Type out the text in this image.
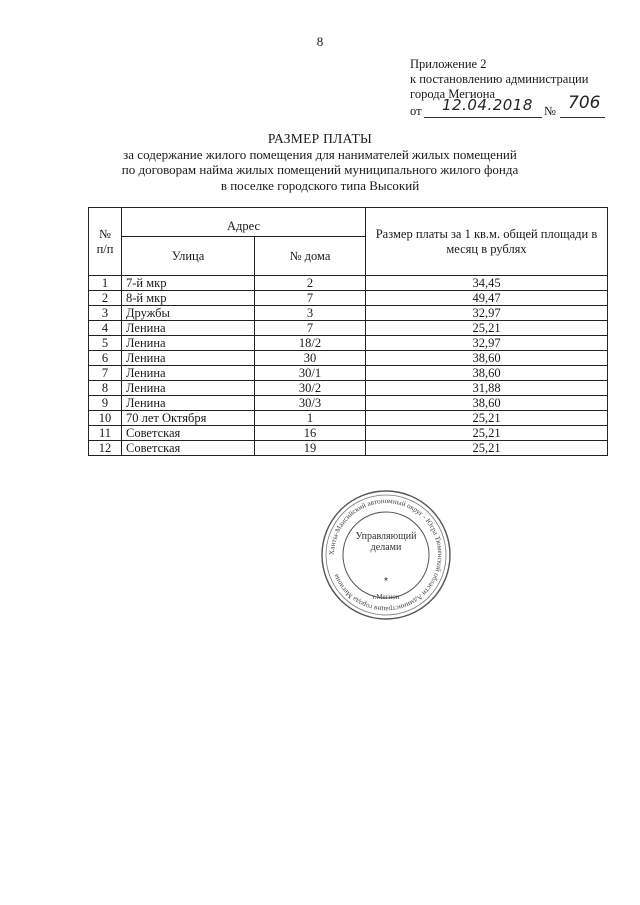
8
Приложение 2
к постановлению администрации
города Мегиона
от 12.04.2018 № 706
РАЗМЕР ПЛАТЫ
за содержание жилого помещения для нанимателей жилых помещений
по договорам найма жилых помещений муниципального жилого фонда
в поселке городского типа Высокий
№
п/п	Адрес		Размер платы за 1 кв.м. общей площади в месяц в рублях
	Улица	№ дома	
1	7-й мкр	2	34,45
2	8-й мкр	7	49,47
3	Дружбы	3	32,97
4	Ленина	7	25,21
5	Ленина	18/2	32,97
6	Ленина	30	38,60
7	Ленина	30/1	38,60
8	Ленина	30/2	31,88
9	Ленина	30/3	38,60
10	70 лет Октября	1	25,21
11	Советская	16	25,21
12	Советская	19	25,21
Ханты-Мансийский автономный округ - Югра Тюменской области Администрация города Мегиона
★
Управляющий делами
г.Мегион
